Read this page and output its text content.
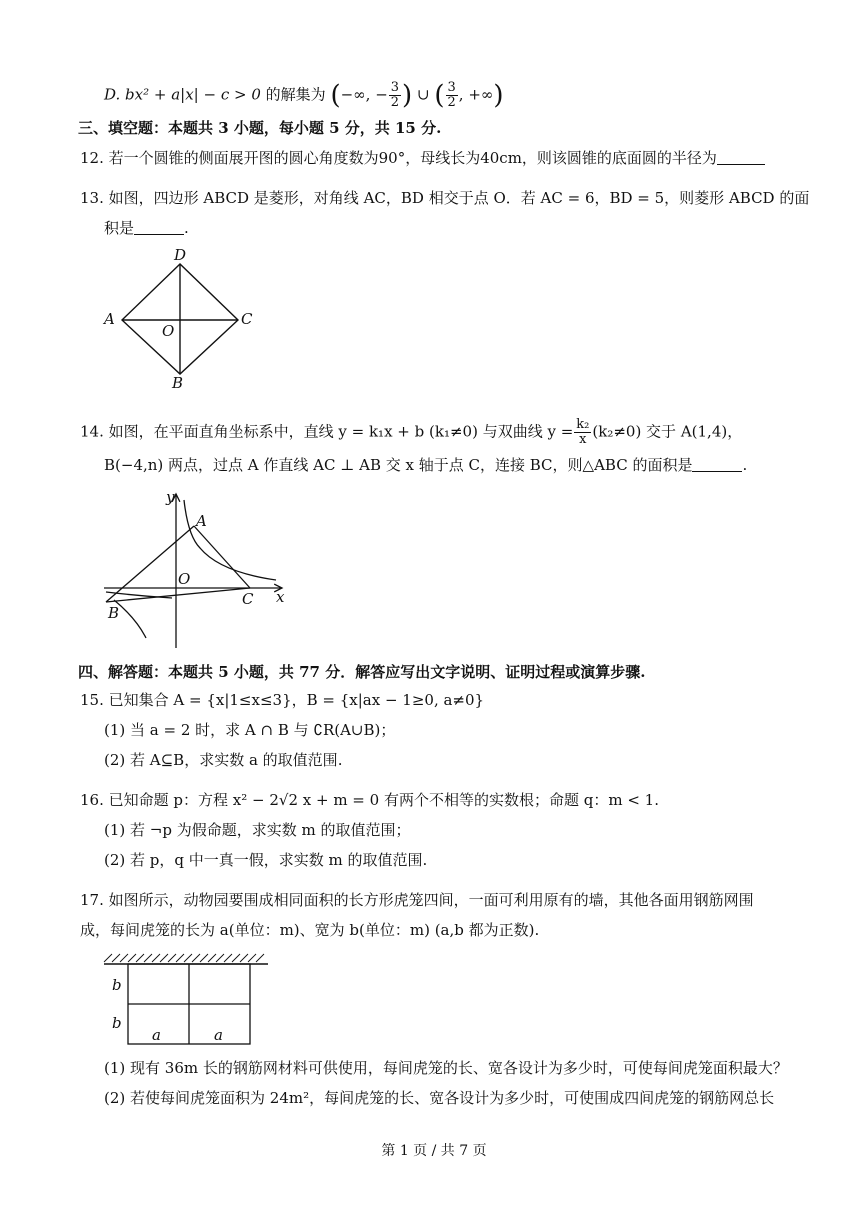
D. bx² + a|x| − c > 0 的解集为 (−∞, − $\frac{3}{2}$ ) ∪ ( $\frac{3}{2}$ , +∞)
三、填空题：本题共 3 小题，每小题 5 分，共 15 分.
12. 若一个圆锥的侧面展开图的圆心角度数为90°，母线长为40cm，则该圆锥的底面圆的半径为
13. 如图，四边形 ABCD 是菱形，对角线 AC，BD 相交于点 O．若 AC = 6，BD = 5，则菱形 ABCD 的面
积是	.
D
A
O
C
B
14. 如图，在平面直角坐标系中，直线 y = k₁x + b (k₁≠0) 与双曲线 $y = \frac{\text{k₂}}{x} (k_2\ne 0)$ 交于 A(1,4)，
B(−4,n) 两点，过点 A 作直线 AC ⊥ AB 交 x 轴于点 C，连接 BC，则△ABC 的面积是	.
y
x
A
O
B
C
四、解答题：本题共 5 小题，共 77 分．解答应写出文字说明、证明过程或演算步骤.
15. 已知集合 A = {x|1≤x≤3}，B = {x|ax − 1≥0, a≠0}
(1) 当 a = 2 时，求 A ∩ B 与 ∁R(A∪B)；
(2) 若 A⊆B，求实数 a 的取值范围.
16. 已知命题 p：方程 x² − 2√2 x + m = 0 有两个不相等的实数根；命题 q：m < 1.
(1) 若 ¬p 为假命题，求实数 m 的取值范围；
(2) 若 p，q 中一真一假，求实数 m 的取值范围.
17. 如图所示，动物园要围成相同面积的长方形虎笼四间，一面可利用原有的墙，其他各面用钢筋网围
成，每间虎笼的长为 a(单位：m)、宽为 b(单位：m) (a,b 都为正数).
b
b
a	a
(1) 现有 36m 长的钢筋网材料可供使用，每间虎笼的长、宽各设计为多少时，可使每间虎笼面积最大？
(2) 若使每间虎笼面积为 24m²，每间虎笼的长、宽各设计为多少时，可使围成四间虎笼的钢筋网总长
第 1 页 / 共 7 页
